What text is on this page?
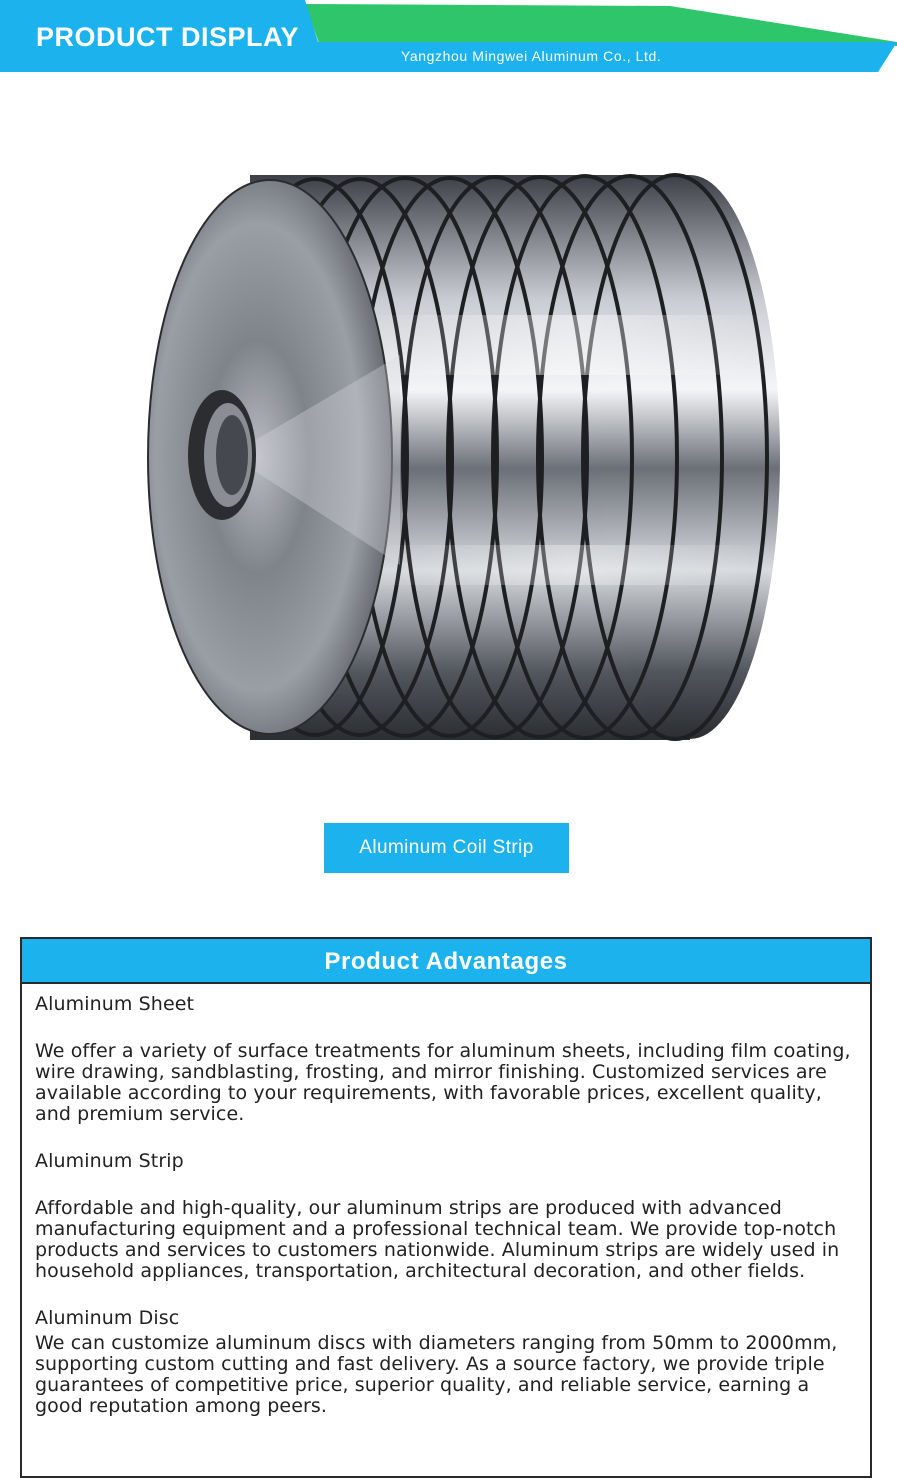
PRODUCT DISPLAY
Yangzhou Mingwei Aluminum Co., Ltd.
Aluminum Coil Strip
Product Advantages

Aluminum Sheet

We offer a variety of surface treatments for aluminum sheets, including film coating, wire drawing, sandblasting, frosting, and mirror finishing. Customized services are available according to your requirements, with favorable prices, excellent quality, and premium service.

Aluminum Strip

Affordable and high-quality, our aluminum strips are produced with advanced manufacturing equipment and a professional technical team. We provide top-notch products and services to customers nationwide. Aluminum strips are widely used in household appliances, transportation, architectural decoration, and other fields.

Aluminum Disc

We can customize aluminum discs with diameters ranging from 50mm to 2000mm, supporting custom cutting and fast delivery. As a source factory, we provide triple guarantees of competitive price, superior quality, and reliable service, earning a good reputation among peers.
